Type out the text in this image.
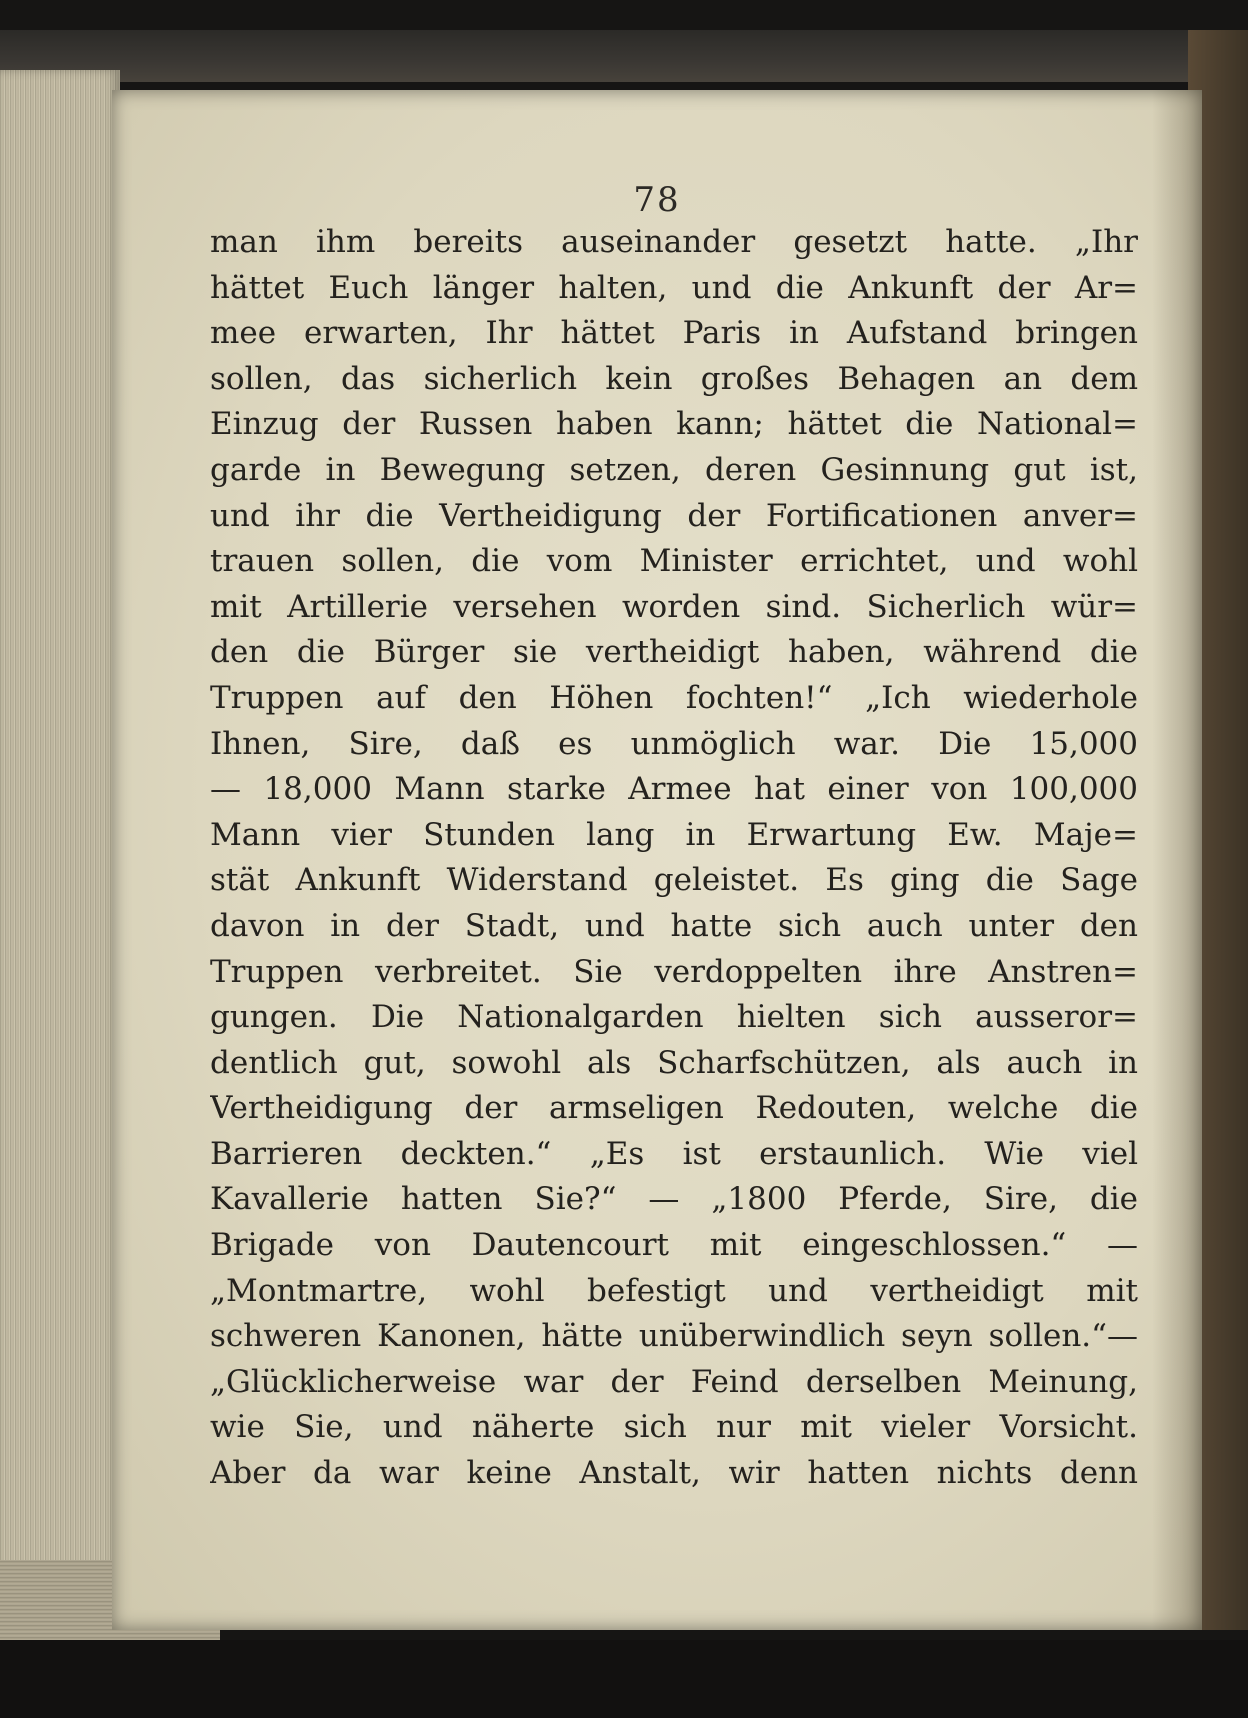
78
man ihm bereits auseinander gesetzt hatte. „Ihr
hättet Euch länger halten, und die Ankunft der Ar=
mee erwarten, Ihr hättet Paris in Aufstand bringen
sollen, das sicherlich kein großes Behagen an dem
Einzug der Russen haben kann; hättet die National=
garde in Bewegung setzen, deren Gesinnung gut ist,
und ihr die Vertheidigung der Fortificationen anver=
trauen sollen, die vom Minister errichtet, und wohl
mit Artillerie versehen worden sind. Sicherlich wür=
den die Bürger sie vertheidigt haben, während die
Truppen auf den Höhen fochten!“ „Ich wiederhole
Ihnen, Sire, daß es unmöglich war. Die 15,000
— 18,000 Mann starke Armee hat einer von 100,000
Mann vier Stunden lang in Erwartung Ew. Maje=
stät Ankunft Widerstand geleistet. Es ging die Sage
davon in der Stadt, und hatte sich auch unter den
Truppen verbreitet. Sie verdoppelten ihre Anstren=
gungen. Die Nationalgarden hielten sich ausseror=
dentlich gut, sowohl als Scharfschützen, als auch in
Vertheidigung der armseligen Redouten, welche die
Barrieren deckten.“ „Es ist erstaunlich. Wie viel
Kavallerie hatten Sie?“ — „1800 Pferde, Sire, die
Brigade von Dautencourt mit eingeschlossen.“ —
„Montmartre, wohl befestigt und vertheidigt mit
schweren Kanonen, hätte unüberwindlich seyn sollen.“—
„Glücklicherweise war der Feind derselben Meinung,
wie Sie, und näherte sich nur mit vieler Vorsicht.
Aber da war keine Anstalt, wir hatten nichts denn
